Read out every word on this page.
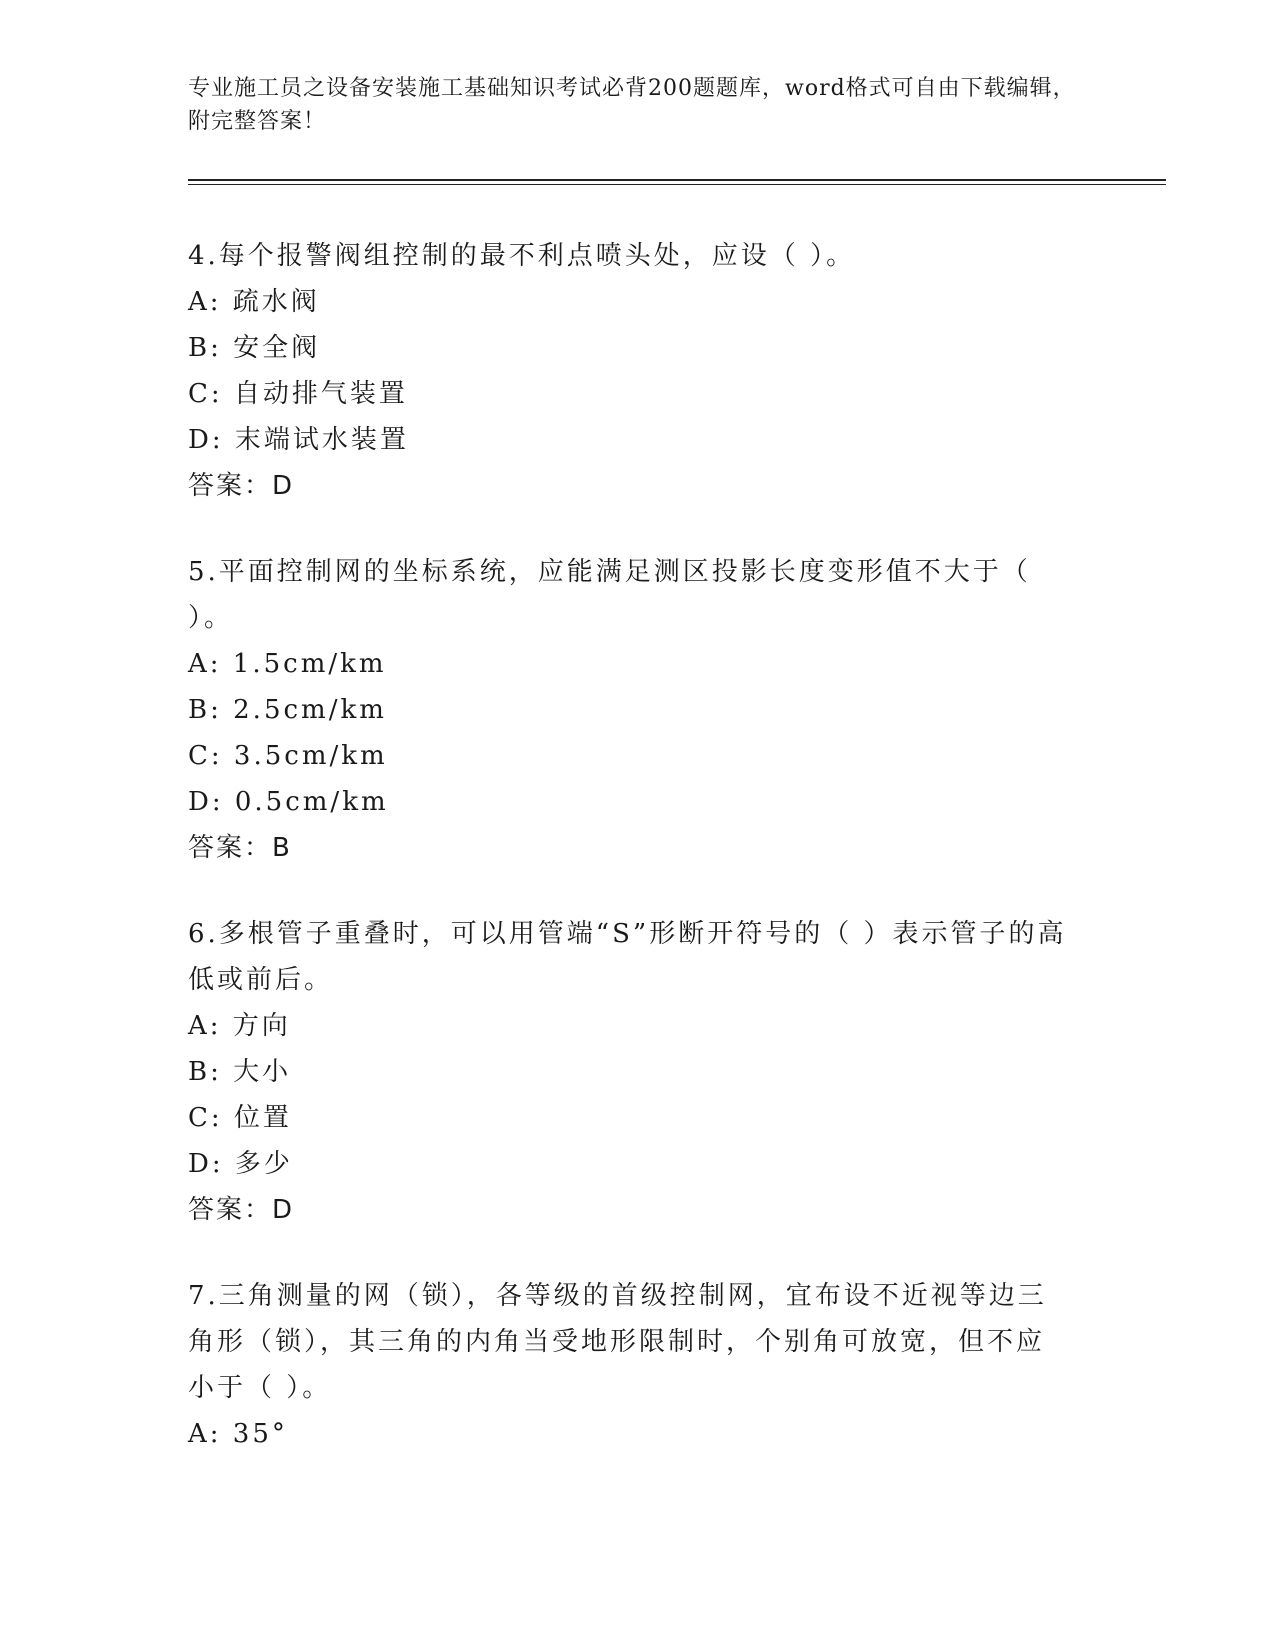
专业施工员之设备安装施工基础知识考试必背200题题库，word格式可自由下载编辑，附完整答案！

4.每个报警阀组控制的最不利点喷头处，应设（ ）。

A: 疏水阀

B: 安全阀

C: 自动排气装置

D: 末端试水装置

答案：D

5.平面控制网的坐标系统，应能满足测区投影长度变形值不大于（ ）。

A: 1.5cm/km

B: 2.5cm/km

C: 3.5cm/km

D: 0.5cm/km

答案：B

6.多根管子重叠时，可以用管端“S”形断开符号的（ ）表示管子的高低或前后。

A: 方向

B: 大小

C: 位置

D: 多少

答案：D

7.三角测量的网（锁），各等级的首级控制网，宜布设不近视等边三角形（锁），其三角的内角当受地形限制时，个别角可放宽，但不应小于（ ）。

A: 35°
